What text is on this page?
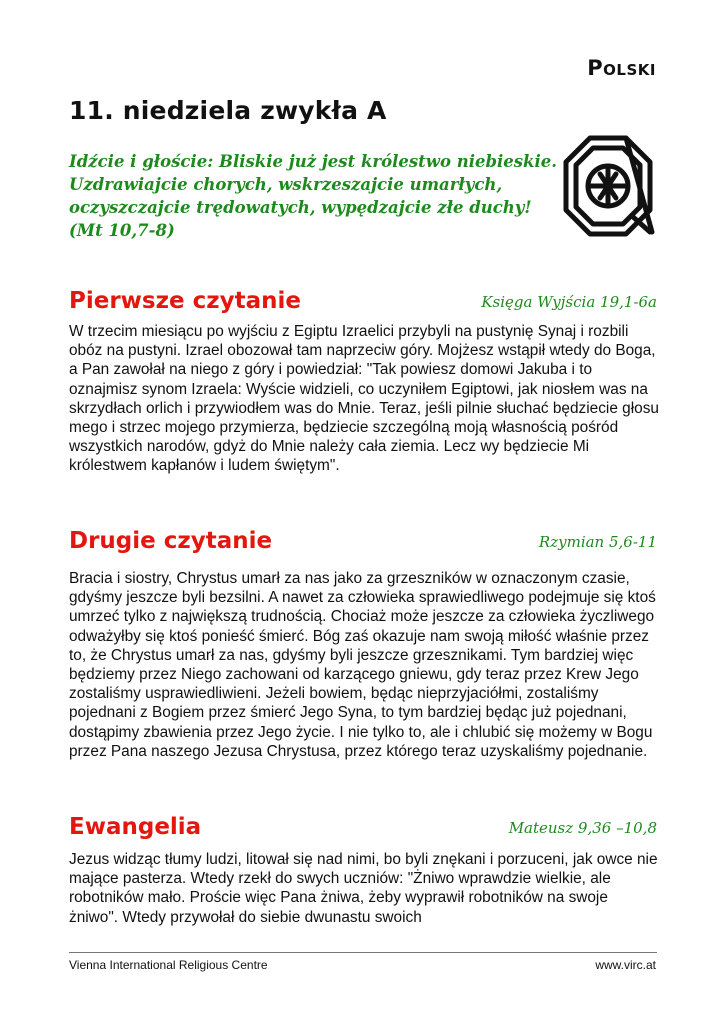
Polski
11. niedziela zwykła A
Idźcie i głoście: Bliskie już jest królestwo niebieskie. Uzdrawiajcie chorych, wskrzeszajcie umarłych, oczyszczajcie trędowatych, wypędzajcie złe duchy! (Mt 10,7-8)
Pierwsze czytanie	Księga Wyjścia 19,1-6a
W trzecim miesiącu po wyjściu z Egiptu Izraelici przybyli na pustynię Synaj i rozbili obóz na pustyni. Izrael obozował tam naprzeciw góry. Mojżesz wstąpił wtedy do Boga, a Pan zawołał na niego z góry i powiedział: "Tak powiesz domowi Jakuba i to oznajmisz synom Izraela: Wyście widzieli, co uczyniłem Egiptowi, jak niosłem was na skrzydłach orlich i przywiodłem was do Mnie. Teraz, jeśli pilnie słuchać będziecie głosu mego i strzec mojego przymierza, będziecie szczególną moją własnością pośród wszystkich narodów, gdyż do Mnie należy cała ziemia. Lecz wy będziecie Mi królestwem kapłanów i ludem świętym".
Drugie czytanie	Rzymian 5,6-11
Bracia i siostry, Chrystus umarł za nas jako za grzeszników w oznaczonym czasie, gdyśmy jeszcze byli bezsilni. A nawet za człowieka sprawiedliwego podejmuje się ktoś umrzeć tylko z największą trudnością. Chociaż może jeszcze za człowieka życzliwego odważyłby się ktoś ponieść śmierć. Bóg zaś okazuje nam swoją miłość właśnie przez to, że Chrystus umarł za nas, gdyśmy byli jeszcze grzesznikami. Tym bardziej więc będziemy przez Niego zachowani od karzącego gniewu, gdy teraz przez Krew Jego zostaliśmy usprawiedliwieni. Jeżeli bowiem, będąc nieprzyjaciółmi, zostaliśmy pojednani z Bogiem przez śmierć Jego Syna, to tym bardziej będąc już pojednani, dostąpimy zbawienia przez Jego życie. I nie tylko to, ale i chlubić się możemy w Bogu przez Pana naszego Jezusa Chrystusa, przez którego teraz uzyskaliśmy pojednanie.
Ewangelia	Mateusz 9,36 –10,8
Jezus widząc tłumy ludzi, litował się nad nimi, bo byli znękani i porzuceni, jak owce nie mające pasterza. Wtedy rzekł do swych uczniów: "Żniwo wprawdzie wielkie, ale robotników mało. Proście więc Pana żniwa, żeby wyprawił robotników na swoje żniwo". Wtedy przywołał do siebie dwunastu swoich
Vienna International Religious Centre	www.virc.at
